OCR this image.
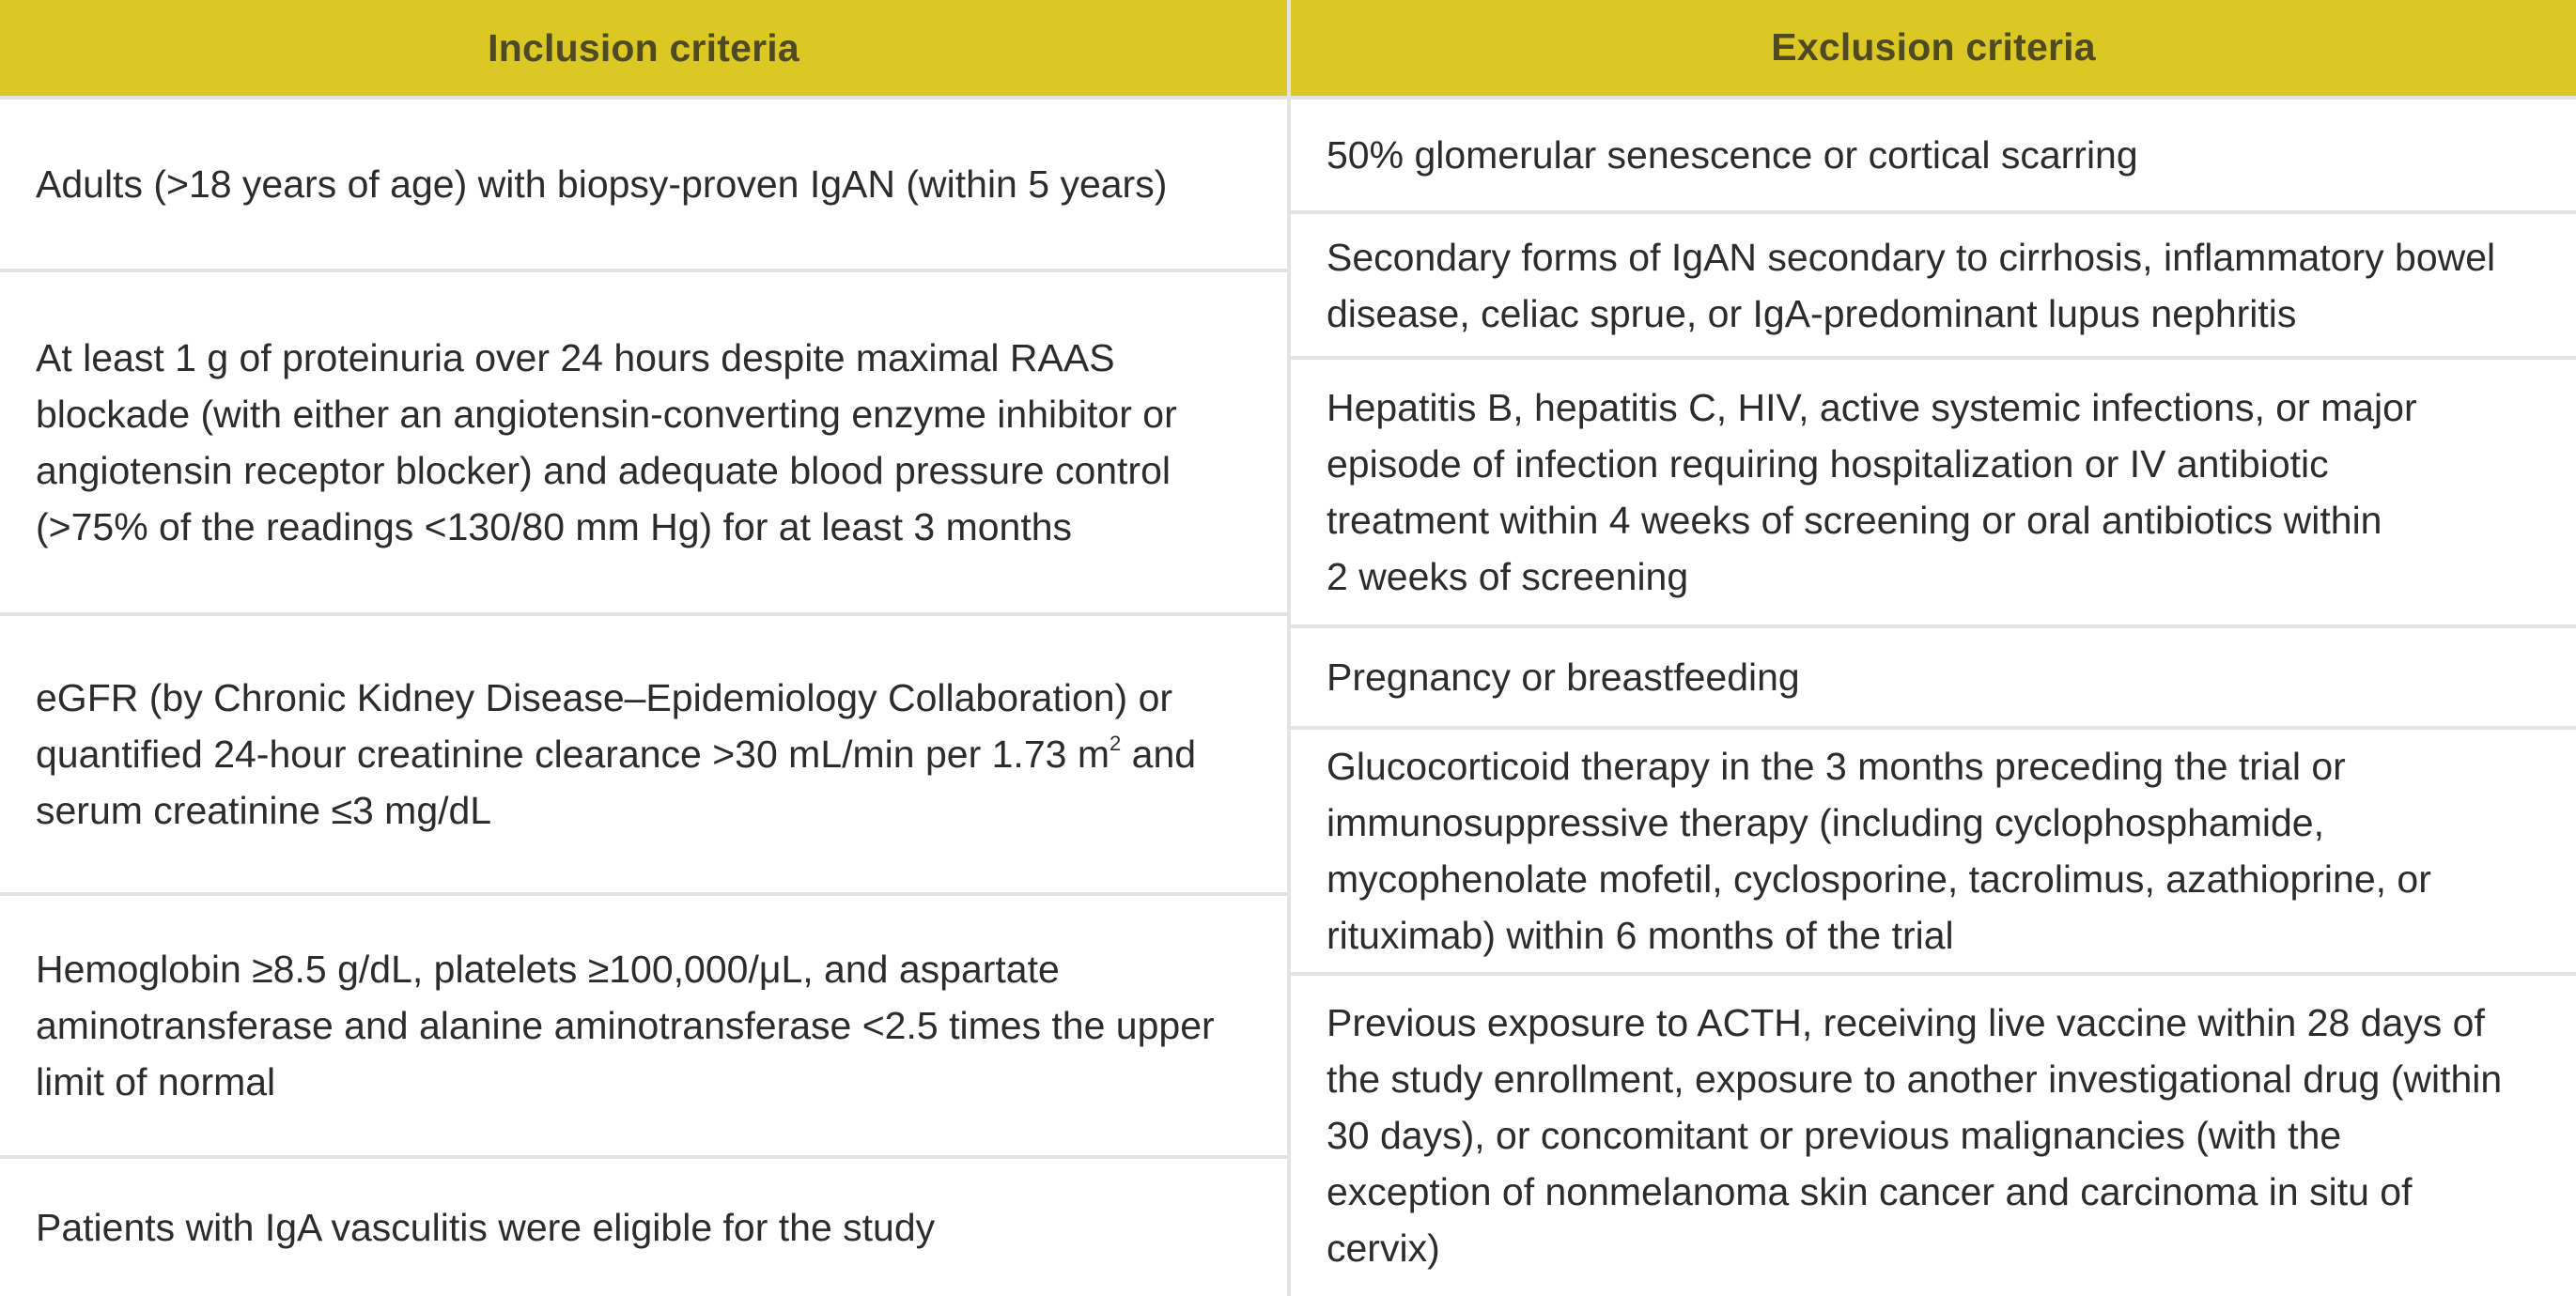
Inclusion criteria
Adults (>18 years of age) with biopsy-proven IgAN (within 5 years)
At least 1 g of proteinuria over 24 hours despite maximal RAAS
blockade (with either an angiotensin-converting enzyme inhibitor or
angiotensin receptor blocker) and adequate blood pressure control
(>75% of the readings <130/80 mm Hg) for at least 3 months
eGFR (by Chronic Kidney Disease–Epidemiology Collaboration) or
quantified 24-hour creatinine clearance >30 mL/min per 1.73 $m^2$ and
serum creatinine ≤3 mg/dL
Hemoglobin ≥8.5 g/dL, platelets ≥100,000/μL, and aspartate
aminotransferase and alanine aminotransferase <2.5 times the upper
limit of normal
Patients with IgA vasculitis were eligible for the study
Exclusion criteria
50% glomerular senescence or cortical scarring
Secondary forms of IgAN secondary to cirrhosis, inflammatory bowel
disease, celiac sprue, or IgA-predominant lupus nephritis
Hepatitis B, hepatitis C, HIV, active systemic infections, or major
episode of infection requiring hospitalization or IV antibiotic
treatment within 4 weeks of screening or oral antibiotics within
2 weeks of screening
Pregnancy or breastfeeding
Glucocorticoid therapy in the 3 months preceding the trial or
immunosuppressive therapy (including cyclophosphamide,
mycophenolate mofetil, cyclosporine, tacrolimus, azathioprine, or
rituximab) within 6 months of the trial
Previous exposure to ACTH, receiving live vaccine within 28 days of
the study enrollment, exposure to another investigational drug (within
30 days), or concomitant or previous malignancies (with the
exception of nonmelanoma skin cancer and carcinoma in situ of
cervix)
